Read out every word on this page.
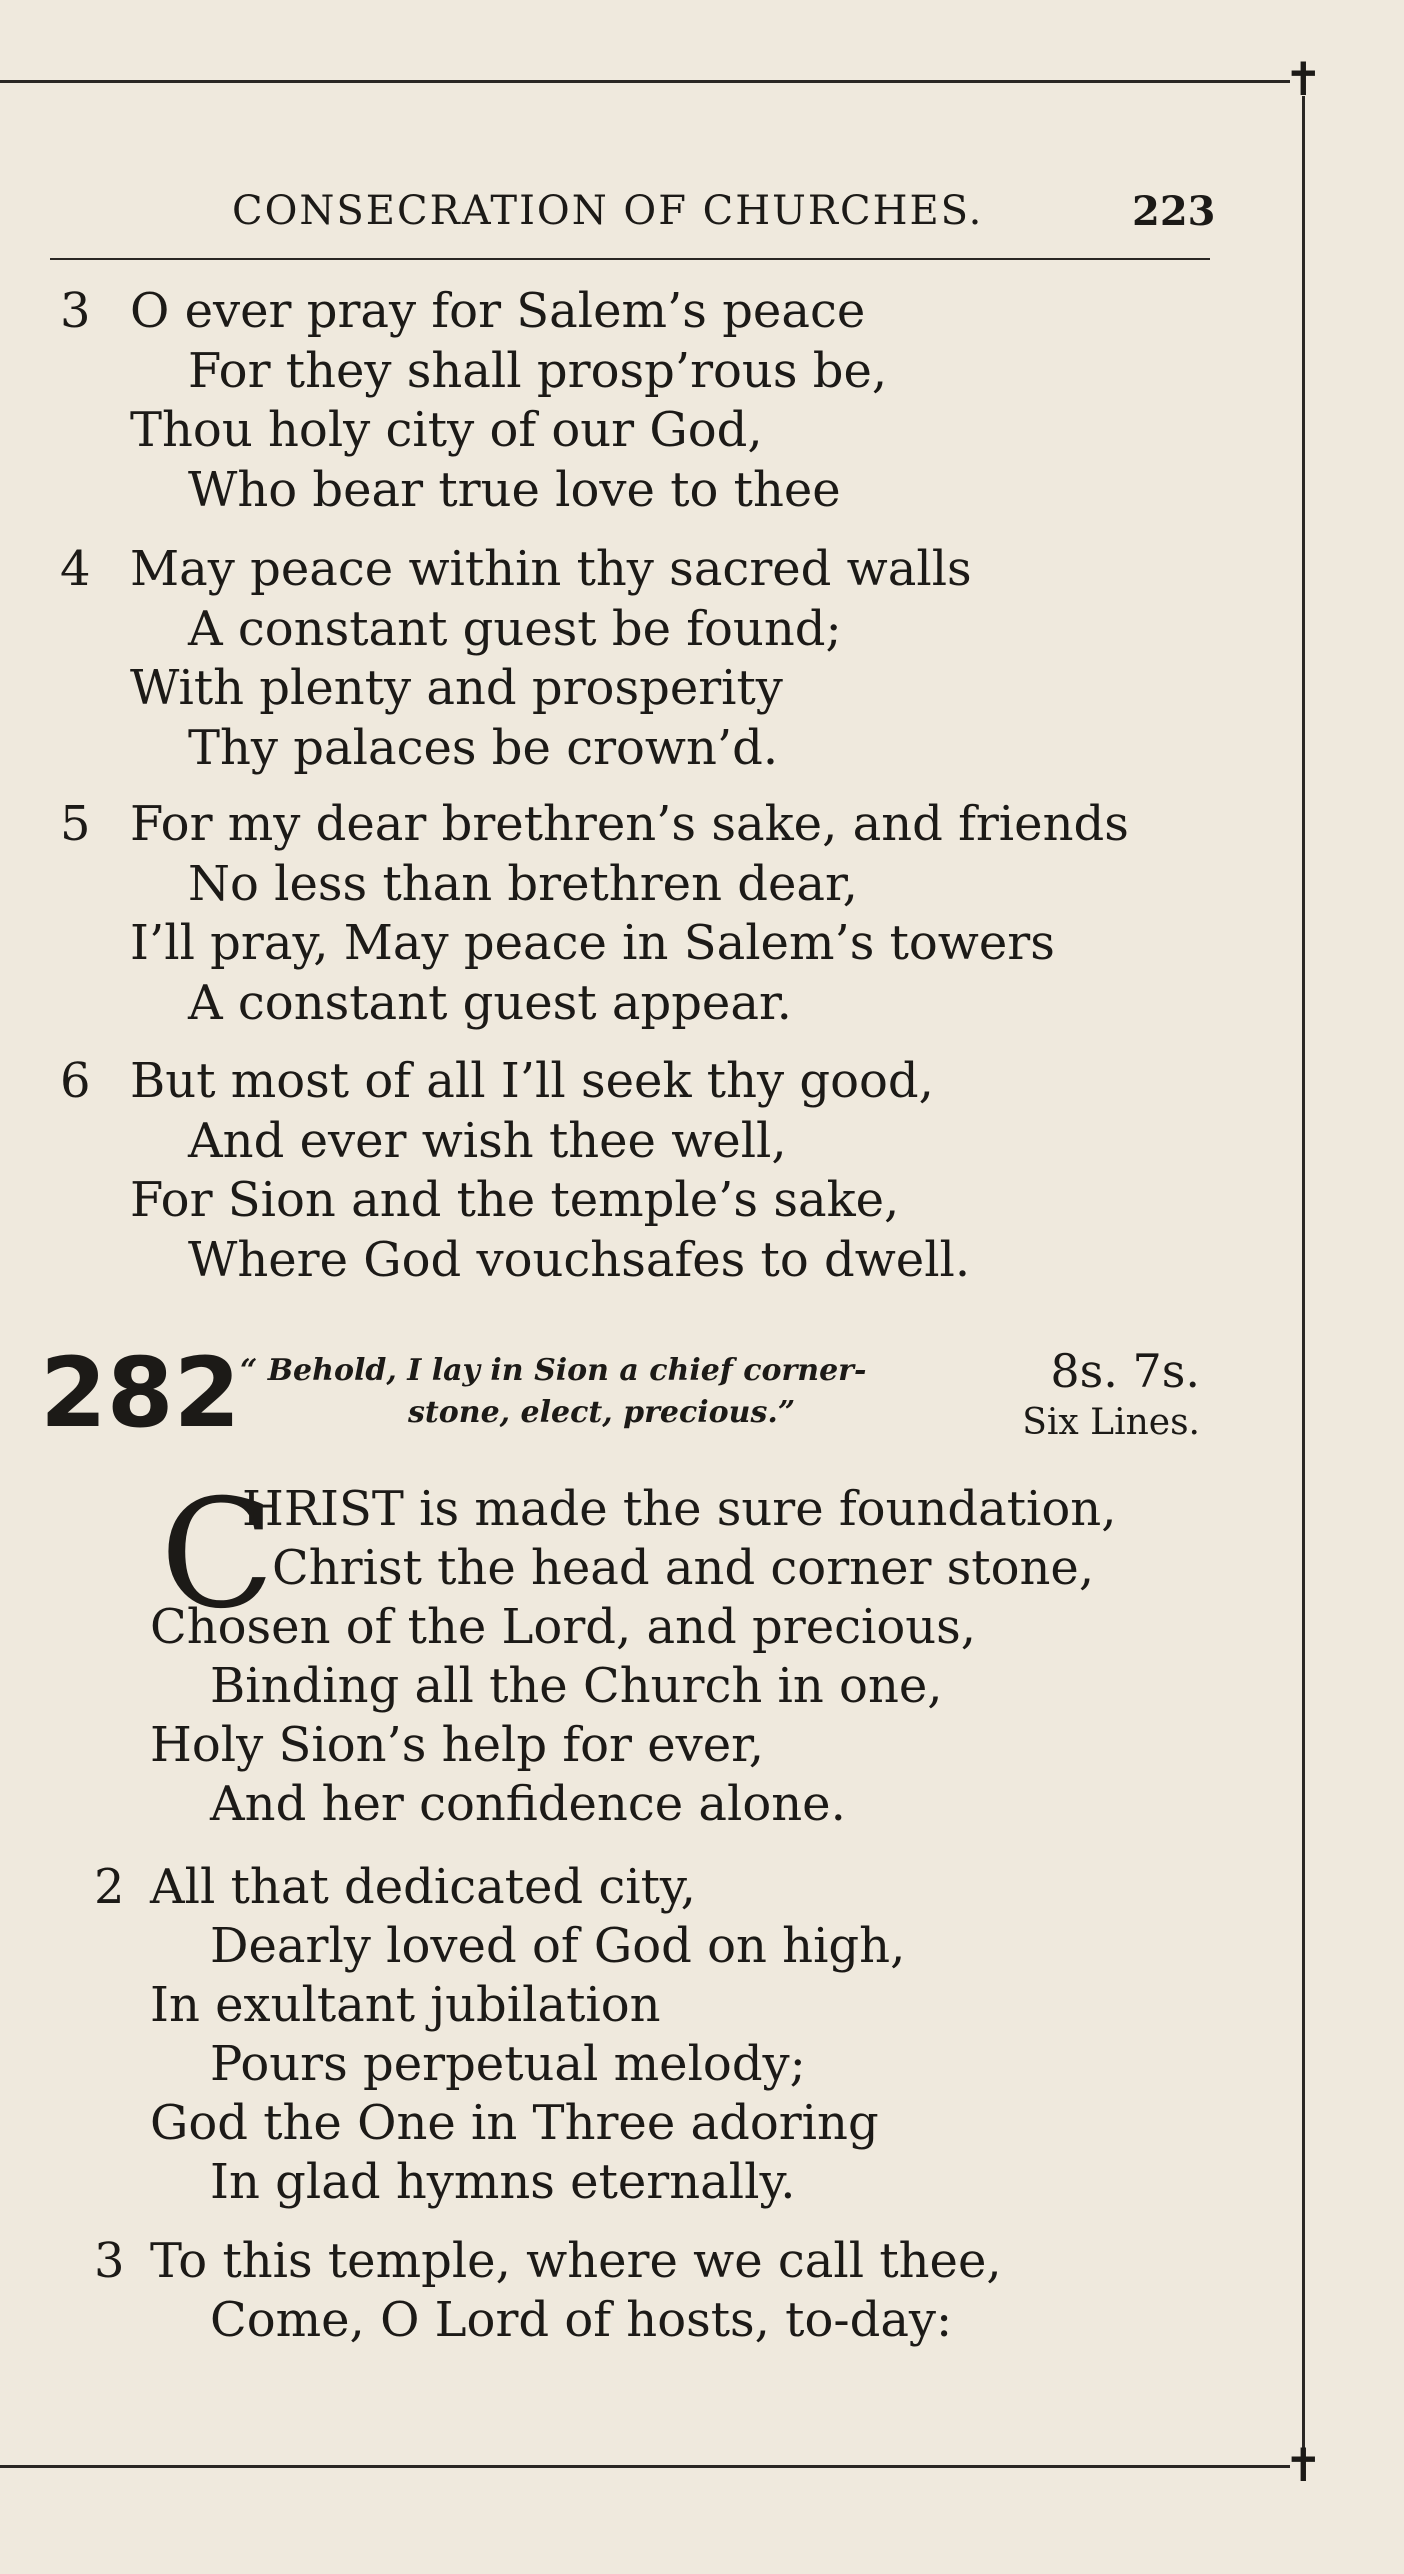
✝
✝
CONSECRATION OF CHURCHES.	223
3 O ever pray for Salem’s peace
For they shall prosp’rous be,
Thou holy city of our God,
Who bear true love to thee
4 May peace within thy sacred walls
A constant guest be found;
With plenty and prosperity
Thy palaces be crown’d.
5 For my dear brethren’s sake, and friends
No less than brethren dear,
I’ll pray, May peace in Salem’s towers
A constant guest appear.
6 But most of all I’ll seek thy good,
And ever wish thee well,
For Sion and the temple’s sake,
Where God vouchsafes to dwell.
282 “ Behold, I lay in Sion a chief corner-
stone, elect, precious.”
8s. 7s.
Six Lines.
C
HRIST is made the sure foundation,
Christ the head and corner stone,
Chosen of the Lord, and precious,
Binding all the Church in one,
Holy Sion’s help for ever,
And her confidence alone.
2 All that dedicated city,
Dearly loved of God on high,
In exultant jubilation
Pours perpetual melody;
God the One in Three adoring
In glad hymns eternally.
3 To this temple, where we call thee,
Come, O Lord of hosts, to-day:
